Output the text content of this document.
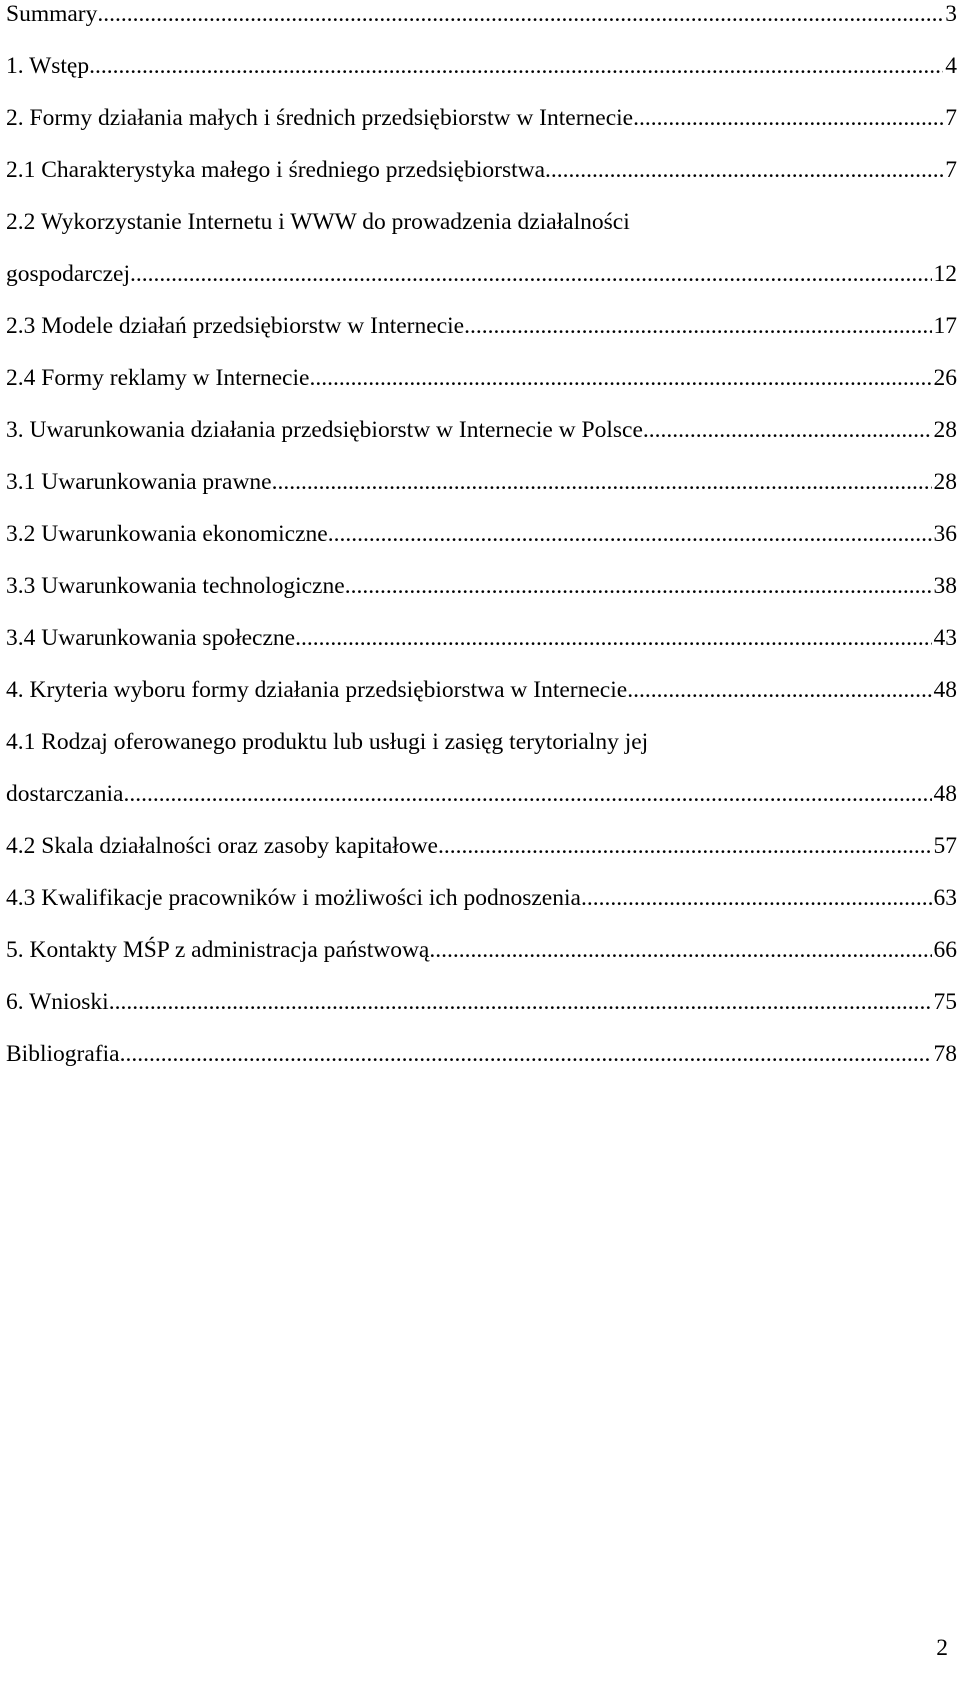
Summary .....	3
1. Wstęp .....	4
2. Formy działania małych i średnich przedsiębiorstw w Internecie .....	7
2.1 Charakterystyka małego i średniego przedsiębiorstwa .....	7
2.2 Wykorzystanie Internetu i WWW do prowadzenia działalności
gospodarczej .....	12
2.3 Modele działań przedsiębiorstw w Internecie .....	17
2.4 Formy reklamy w Internecie .....	26
3. Uwarunkowania działania przedsiębiorstw w Internecie w Polsce .....	28
3.1 Uwarunkowania prawne .....	28
3.2 Uwarunkowania ekonomiczne .....	36
3.3 Uwarunkowania technologiczne .....	38
3.4 Uwarunkowania społeczne .....	43
4. Kryteria wyboru formy działania przedsiębiorstwa w Internecie .....	48
4.1 Rodzaj oferowanego produktu lub usługi i zasięg terytorialny jej
dostarczania .....	48
4.2 Skala działalności oraz zasoby kapitałowe .....	57
4.3 Kwalifikacje pracowników i możliwości ich podnoszenia .....	63
5. Kontakty MŚP z administracja państwową .....	66
6. Wnioski .....	75
Bibliografia .....	78
2
